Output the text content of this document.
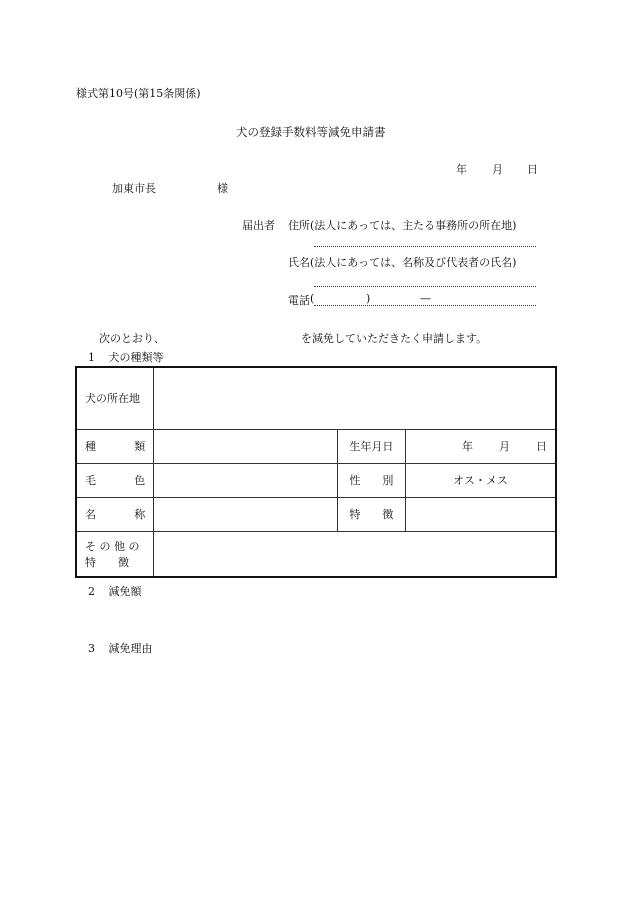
様式第10号(第15条関係)
犬の登録手数料等減免申請書
年 月 日
加東市長	様
届出者 住所(法人にあっては、主たる事務所の所在地)
氏名(法人にあっては、名称及び代表者の氏名)
電話 (	)	—
次のとおり、	を減免していただきたく申請します。
1 犬の種類等
犬の所在地			

種 類		生年月日	年 月 日

毛 色		性　　別	オス・メス

名 称		特　　徴	

そ の 他 の
特　　徴			

2 減免額
3 減免理由
